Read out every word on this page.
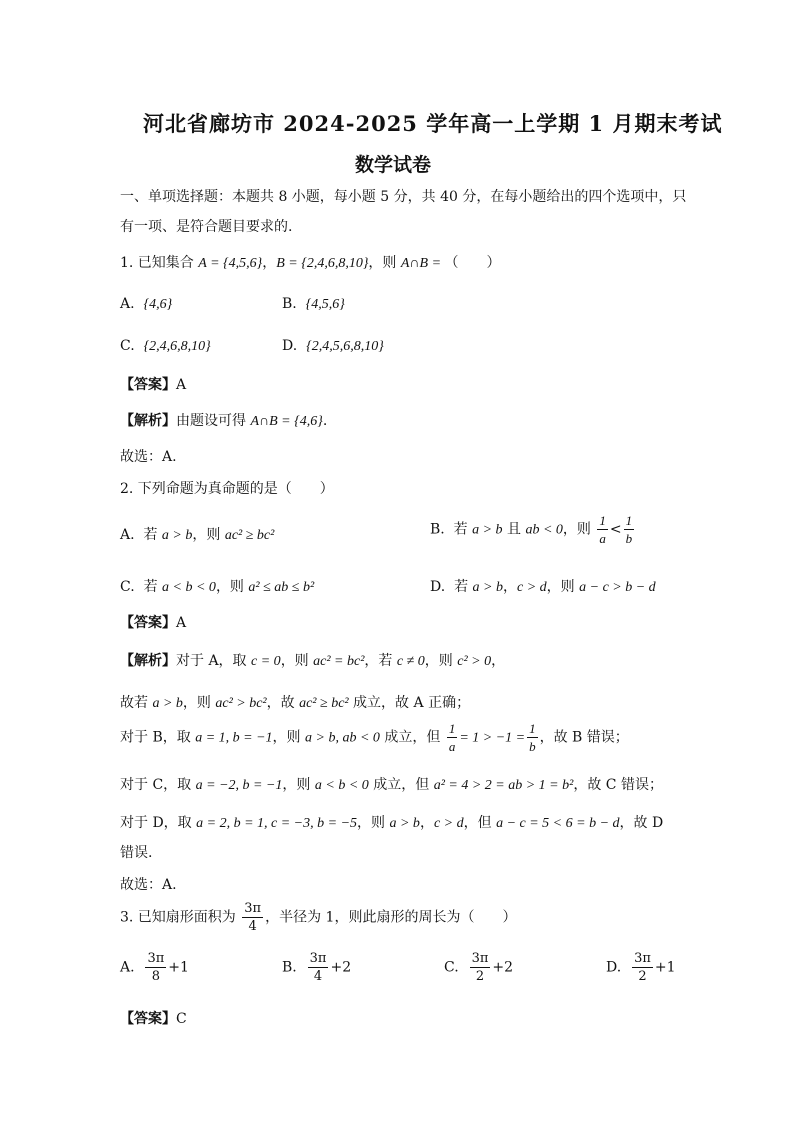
河北省廊坊市 2024-2025 学年高一上学期 1 月期末考试
数学试卷
一、单项选择题：本题共 8 小题，每小题 5 分，共 40 分，在每小题给出的四个选项中，只
有一项、是符合题目要求的.
1. 已知集合 A = {4,5,6}，B = {2,4,6,8,10}，则 A∩B = （　　）
A. {4,6}	B. {4,5,6}
C. {2,4,6,8,10}	D. {2,4,5,6,8,10}
【答案】A
【解析】由题设可得 A∩B = {4,6}.
故选：A.
2. 下列命题为真命题的是（　　）
A. 若 a > b，则 ac² ≥ bc²	B. 若 a > b 且 ab < 0，则 $\frac{1}{a} < \frac{1}{b}$
C. 若 a < b < 0，则 a² ≤ ab ≤ b²	D. 若 a > b，c > d，则 a − c > b − d
【答案】A
【解析】对于 A，取 c = 0，则 ac² = bc²，若 c ≠ 0，则 c² > 0，
故若 a > b，则 ac² > bc²，故 ac² ≥ bc² 成立，故 A 正确；
对于 B，取 a = 1, b = −1，则 a > b, ab < 0 成立，但 $\frac{1}{a} = 1 > -1 = \frac{1}{b}$ ，故 B 错误；
对于 C，取 a = −2, b = −1，则 a < b < 0 成立，但 a² = 4 > 2 = ab > 1 = b²，故 C 错误；
对于 D，取 a = 2, b = 1, c = −3, b = −5，则 a > b，c > d，但 a − c = 5 < 6 = b − d，故 D
错误.
故选：A.
3. 已知扇形面积为 $\frac{3\pi}{4}$ ，半径为 1，则此扇形的周长为（　　）
A. $\frac{3\pi}{8} +1$	B. $\frac{3\pi}{4} +2$	C. $\frac{3\pi}{2} +2$	D. $\frac{3\pi}{2} +1$
【答案】C
